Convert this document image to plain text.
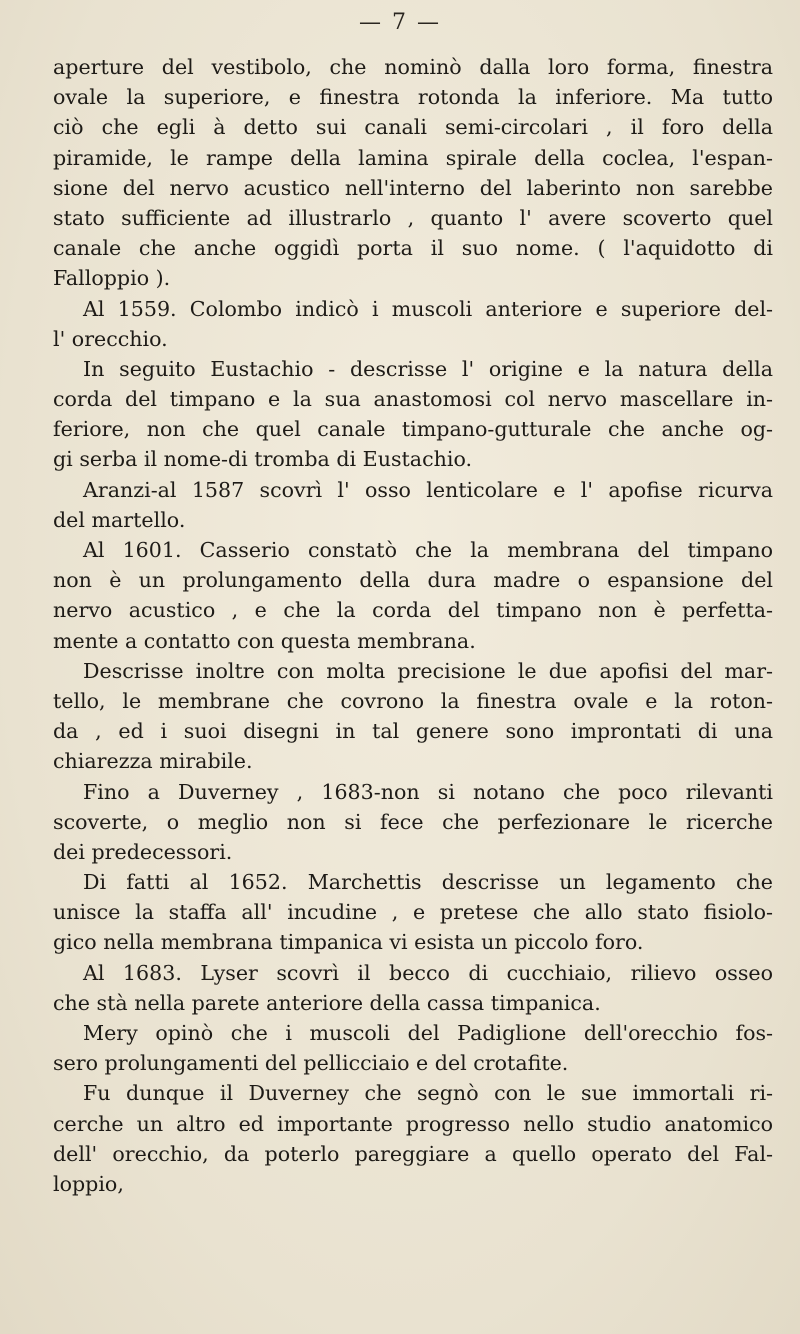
— 7 —
aperture del vestibolo, che nominò dalla loro forma, finestra
ovale la superiore, e finestra rotonda la inferiore. Ma tutto
ciò che egli à detto sui canali semi-circolari , il foro della
piramide, le rampe della lamina spirale della coclea, l'espan-
sione del nervo acustico nell'interno del laberinto non sarebbe
stato sufficiente ad illustrarlo , quanto l' avere scoverto quel
canale che anche oggidì porta il suo nome. ( l'aquidotto di
Falloppio ).
Al 1559. Colombo indicò i muscoli anteriore e superiore del-
l' orecchio.
In seguito Eustachio - descrisse l' origine e la natura della
corda del timpano e la sua anastomosi col nervo mascellare in-
feriore, non che quel canale timpano-gutturale che anche og-
gi serba il nome-di tromba di Eustachio.
Aranzi-al 1587 scovrì l' osso lenticolare e l' apofise ricurva
del martello.
Al 1601. Casserio constatò che la membrana del timpano
non è un prolungamento della dura madre o espansione del
nervo acustico , e che la corda del timpano non è perfetta-
mente a contatto con questa membrana.
Descrisse inoltre con molta precisione le due apofisi del mar-
tello, le membrane che covrono la finestra ovale e la roton-
da , ed i suoi disegni in tal genere sono improntati di una
chiarezza mirabile.
Fino a Duverney , 1683-non si notano che poco rilevanti
scoverte, o meglio non si fece che perfezionare le ricerche
dei predecessori.
Di fatti al 1652. Marchettis descrisse un legamento che
unisce la staffa all' incudine , e pretese che allo stato fisiolo-
gico nella membrana timpanica vi esista un piccolo foro.
Al 1683. Lyser scovrì il becco di cucchiaio, rilievo osseo
che stà nella parete anteriore della cassa timpanica.
Mery opinò che i muscoli del Padiglione dell'orecchio fos-
sero prolungamenti del pellicciaio e del crotafite.
Fu dunque il Duverney che segnò con le sue immortali ri-
cerche un altro ed importante progresso nello studio anatomico
dell' orecchio, da poterlo pareggiare a quello operato del Fal-
loppio,
